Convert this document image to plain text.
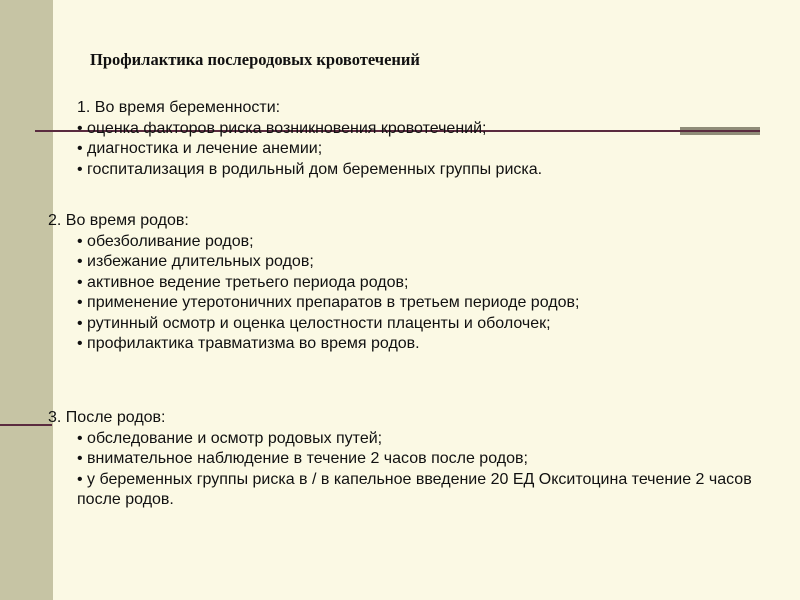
Профилактика послеродовых кровотечений
1. Во время беременности:
• оценка факторов риска возникновения кровотечений;
• диагностика и лечение анемии;
• госпитализация в родильный дом беременных группы риска.
2. Во время родов:
• обезболивание родов;
• избежание длительных родов;
• активное ведение третьего периода родов;
• применение утеротоничних препаратов в третьем периоде родов;
• рутинный осмотр и оценка целостности плаценты и оболочек;
• профилактика травматизма во время родов.
3. После родов:
• обследование и осмотр родовых путей;
• внимательное наблюдение в течение 2 часов после родов;
• у беременных группы риска в / в капельное введение 20 ЕД Окситоцина течение 2 часов после родов.
